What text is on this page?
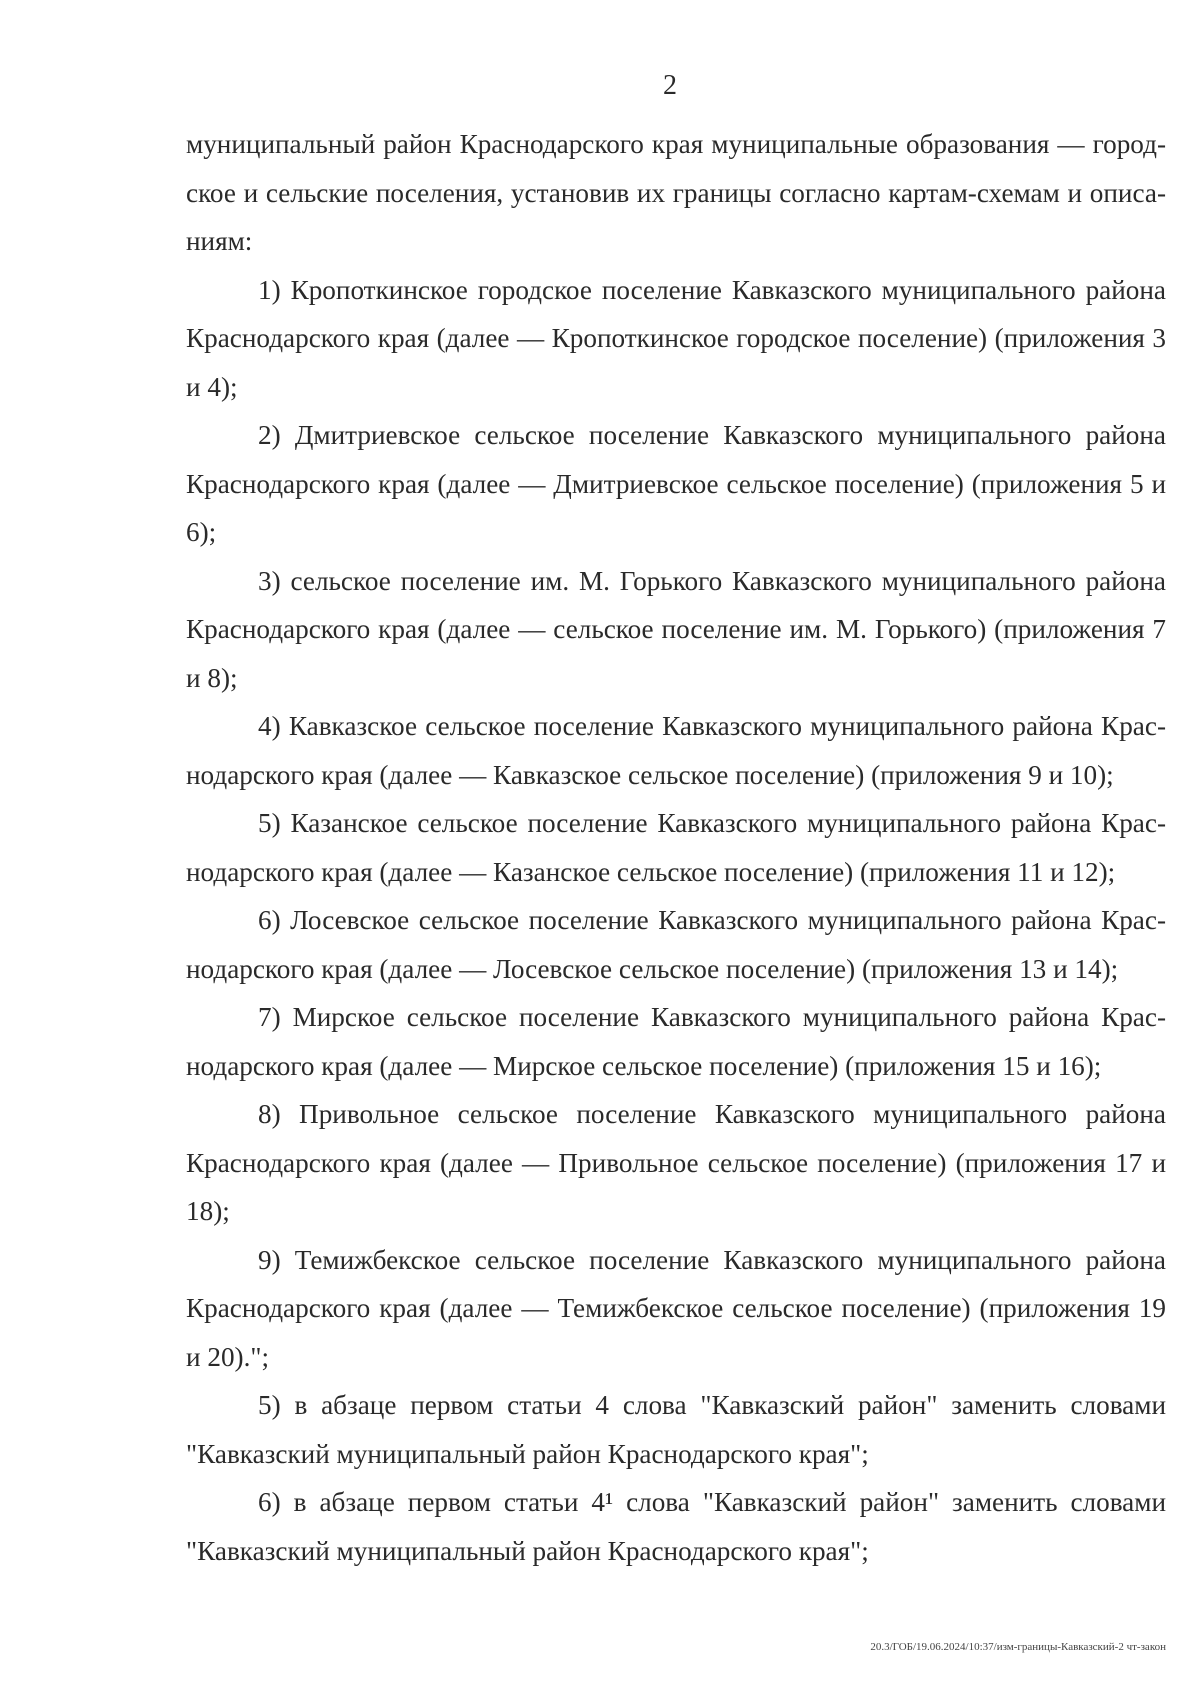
2

муниципальный район Краснодарского края муниципальные образования — городское и сельские поселения, установив их границы согласно картам-схемам и описаниям:

1) Кропоткинское городское поселение Кавказского муниципального района Краснодарского края (далее — Кропоткинское городское поселение) (приложения 3 и 4);

2) Дмитриевское сельское поселение Кавказского муниципального района Краснодарского края (далее — Дмитриевское сельское поселение) (приложения 5 и 6);

3) сельское поселение им. М. Горького Кавказского муниципального района Краснодарского края (далее — сельское поселение им. М. Горького) (приложения 7 и 8);

4) Кавказское сельское поселение Кавказского муниципального района Краснодарского края (далее — Кавказское сельское поселение) (приложения 9 и 10);

5) Казанское сельское поселение Кавказского муниципального района Краснодарского края (далее — Казанское сельское поселение) (приложения 11 и 12);

6) Лосевское сельское поселение Кавказского муниципального района Краснодарского края (далее — Лосевское сельское поселение) (приложения 13 и 14);

7) Мирское сельское поселение Кавказского муниципального района Краснодарского края (далее — Мирское сельское поселение) (приложения 15 и 16);

8) Привольное сельское поселение Кавказского муниципального района Краснодарского края (далее — Привольное сельское поселение) (приложения 17 и 18);

9) Темижбекское сельское поселение Кавказского муниципального района Краснодарского края (далее — Темижбекское сельское поселение) (приложения 19 и 20).";

5) в абзаце первом статьи 4 слова "Кавказский район" заменить словами "Кавказский муниципальный район Краснодарского края";

6) в абзаце первом статьи 4¹ слова "Кавказский район" заменить словами "Кавказский муниципальный район Краснодарского края";

20.3/ГОБ/19.06.2024/10:37/изм-границы-Кавказский-2 чт-закон
